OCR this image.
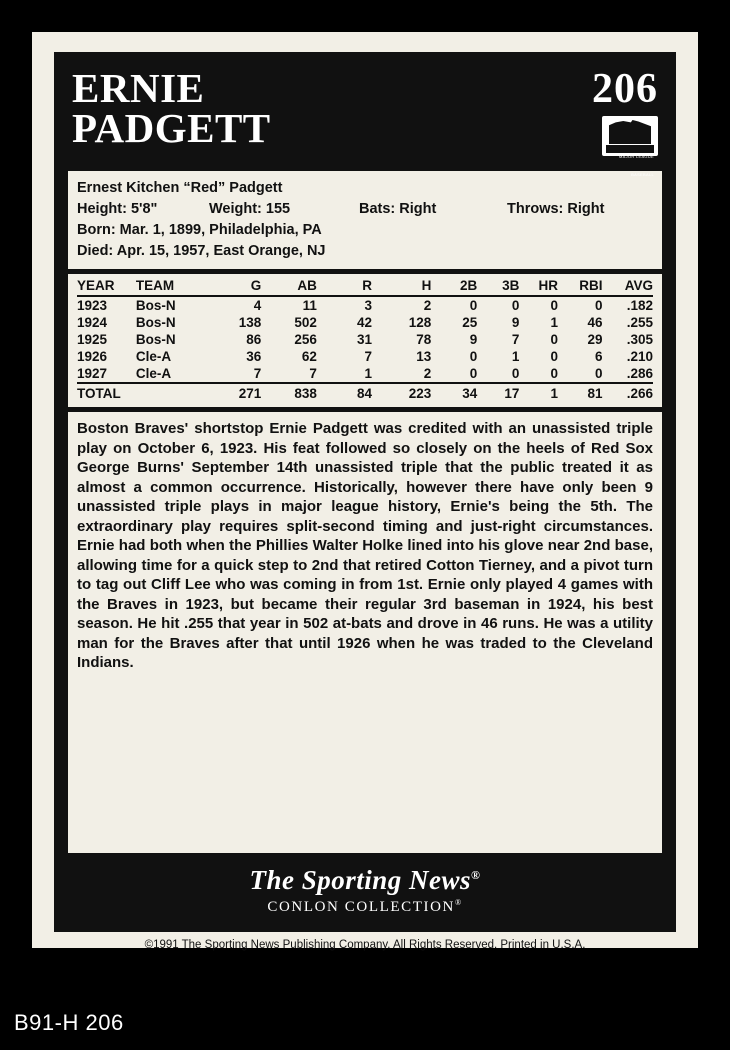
ERNIE
PADGETT
206
MAJOR LEAGUE BASEBALL
Ernest Kitchen “Red” Padgett
Height: 5'8"	Weight: 155	Bats: Right	Throws: Right
Born: Mar. 1, 1899, Philadelphia, PA
Died: Apr. 15, 1957, East Orange, NJ
YEAR	TEAM	G	AB	R	H	2B	3B	HR	RBI	AVG
1923	Bos-N	4	11	3	2	0	0	0	0	.182
1924	Bos-N	138	502	42	128	25	9	1	46	.255
1925	Bos-N	86	256	31	78	9	7	0	29	.305
1926	Cle-A	36	62	7	13	0	1	0	6	.210
1927	Cle-A	7	7	1	2	0	0	0	0	.286
TOTAL		271	838	84	223	34	17	1	81	.266
Boston Braves' shortstop Ernie Padgett was credited with an unassisted triple play on October 6, 1923. His feat followed so closely on the heels of Red Sox George Burns' September 14th unassisted triple that the public treated it as almost a common occurrence. Historically, however there have only been 9 unassisted triple plays in major league history, Ernie's being the 5th. The extraordinary play requires split-second timing and just-right circumstances. Ernie had both when the Phillies Walter Holke lined into his glove near 2nd base, allowing time for a quick step to 2nd that retired Cotton Tierney, and a pivot turn to tag out Cliff Lee who was coming in from 1st. Ernie only played 4 games with the Braves in 1923, but became their regular 3rd baseman in 1924, his best season. He hit .255 that year in 502 at-bats and drove in 46 runs. He was a utility man for the Braves after that until 1926 when he was traded to the Cleveland Indians.
The Sporting News®
CONLON COLLECTION®
©1991 The Sporting News Publishing Company. All Rights Reserved. Printed in U.S.A.
B91-H 206
